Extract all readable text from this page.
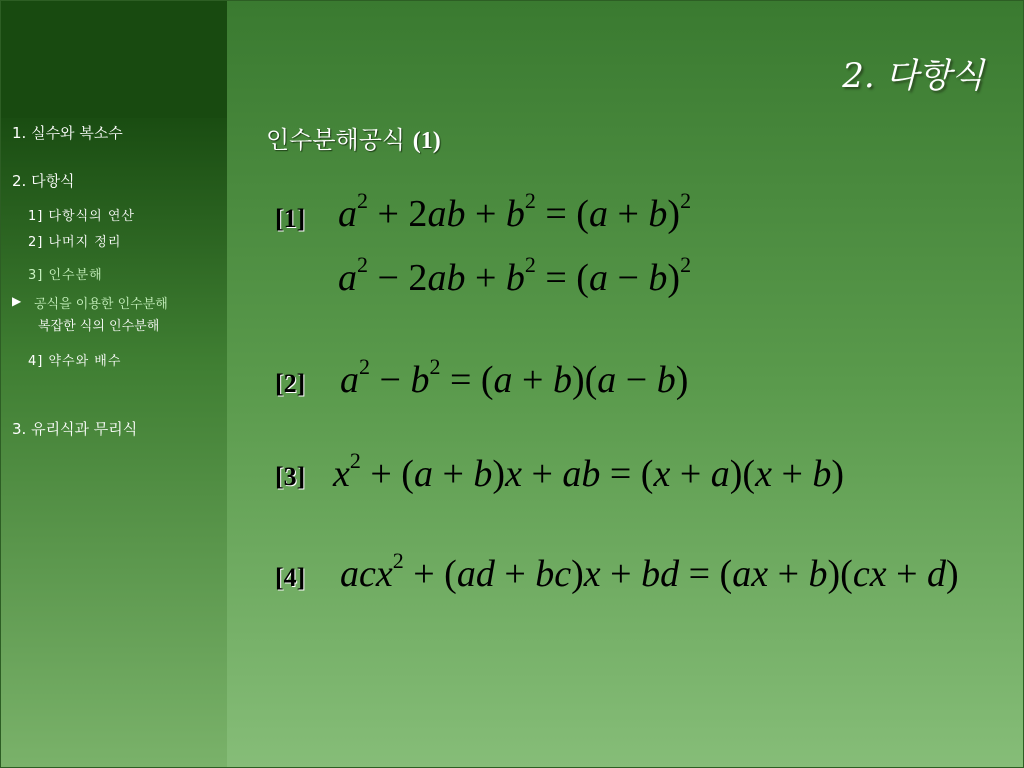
1. 실수와 복소수
2. 다항식
1] 다항식의 연산
2] 나머지 정리
3] 인수분해
▶ 공식을 이용한 인수분해
복잡한 식의 인수분해
4] 약수와 배수
3. 유리식과 무리식
2. 다항식
인수분해공식 (1)
[1] $a^2 + 2ab + b^2 = (a + b)^2$
$a^2 - 2ab + b^2 = (a - b)^2$
[2] $a^2 - b^2 = (a + b)(a - b)$
[3] $x^2 + (a + b)x$ + ab = (x + a)(x + b)
[4] acx$^2$ + (ad + bc)x + bd = (ax + b)(cx + d)
